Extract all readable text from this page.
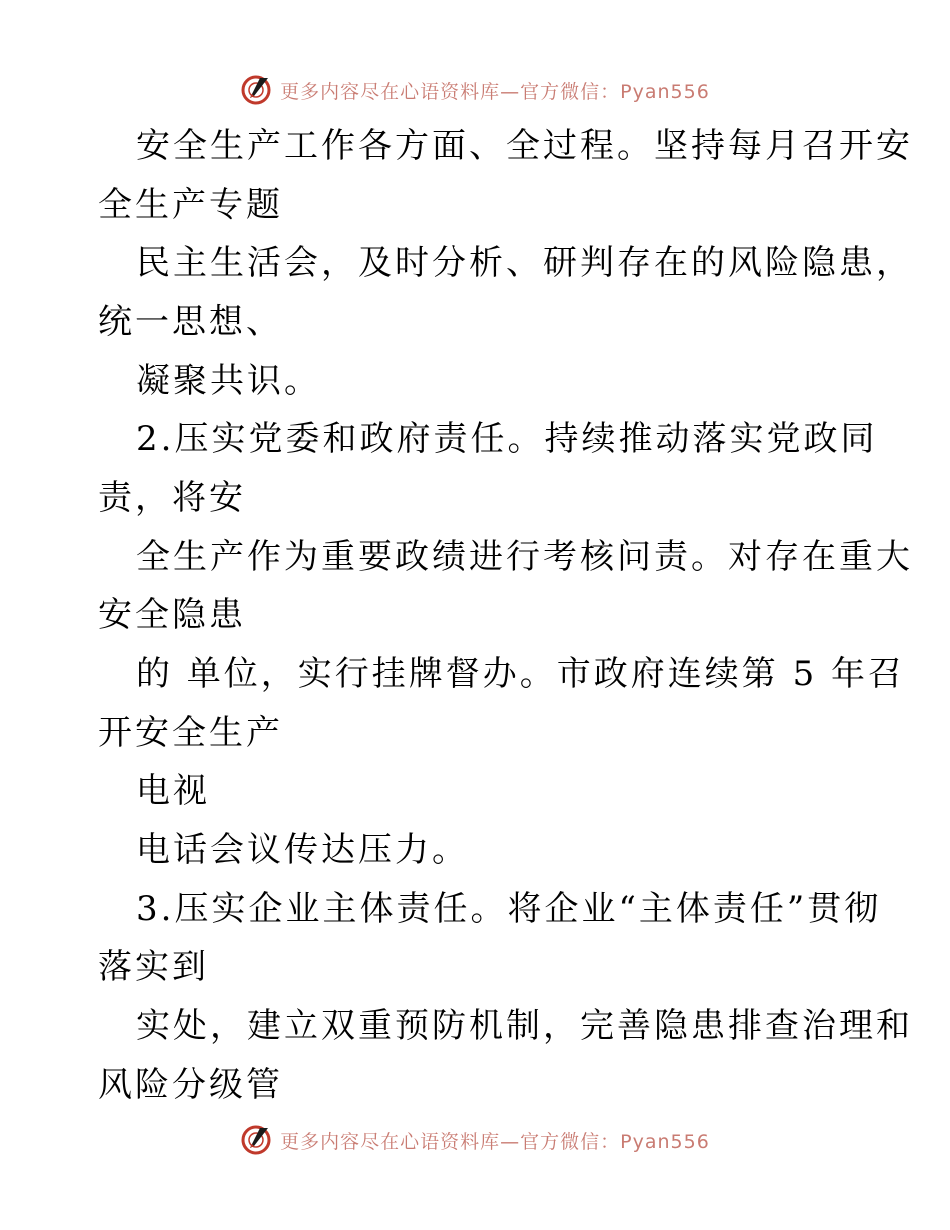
更多内容尽在心语资料库—官方微信：Pyan556
安全生产工作各方面、全过程。坚持每月召开安
全生产专题
民主生活会，及时分析、研判存在的风险隐患，
统一思想、
凝聚共识。
2.压实党委和政府责任。持续推动落实党政同
责，将安
全生产作为重要政绩进行考核问责。对存在重大
安全隐患
的 单位，实行挂牌督办。市政府连续第 5 年召
开安全生产
电视
电话会议传达压力。
3.压实企业主体责任。将企业“主体责任”贯彻
落实到
实处，建立双重预防机制，完善隐患排查治理和
风险分级管
更多内容尽在心语资料库—官方微信：Pyan556
